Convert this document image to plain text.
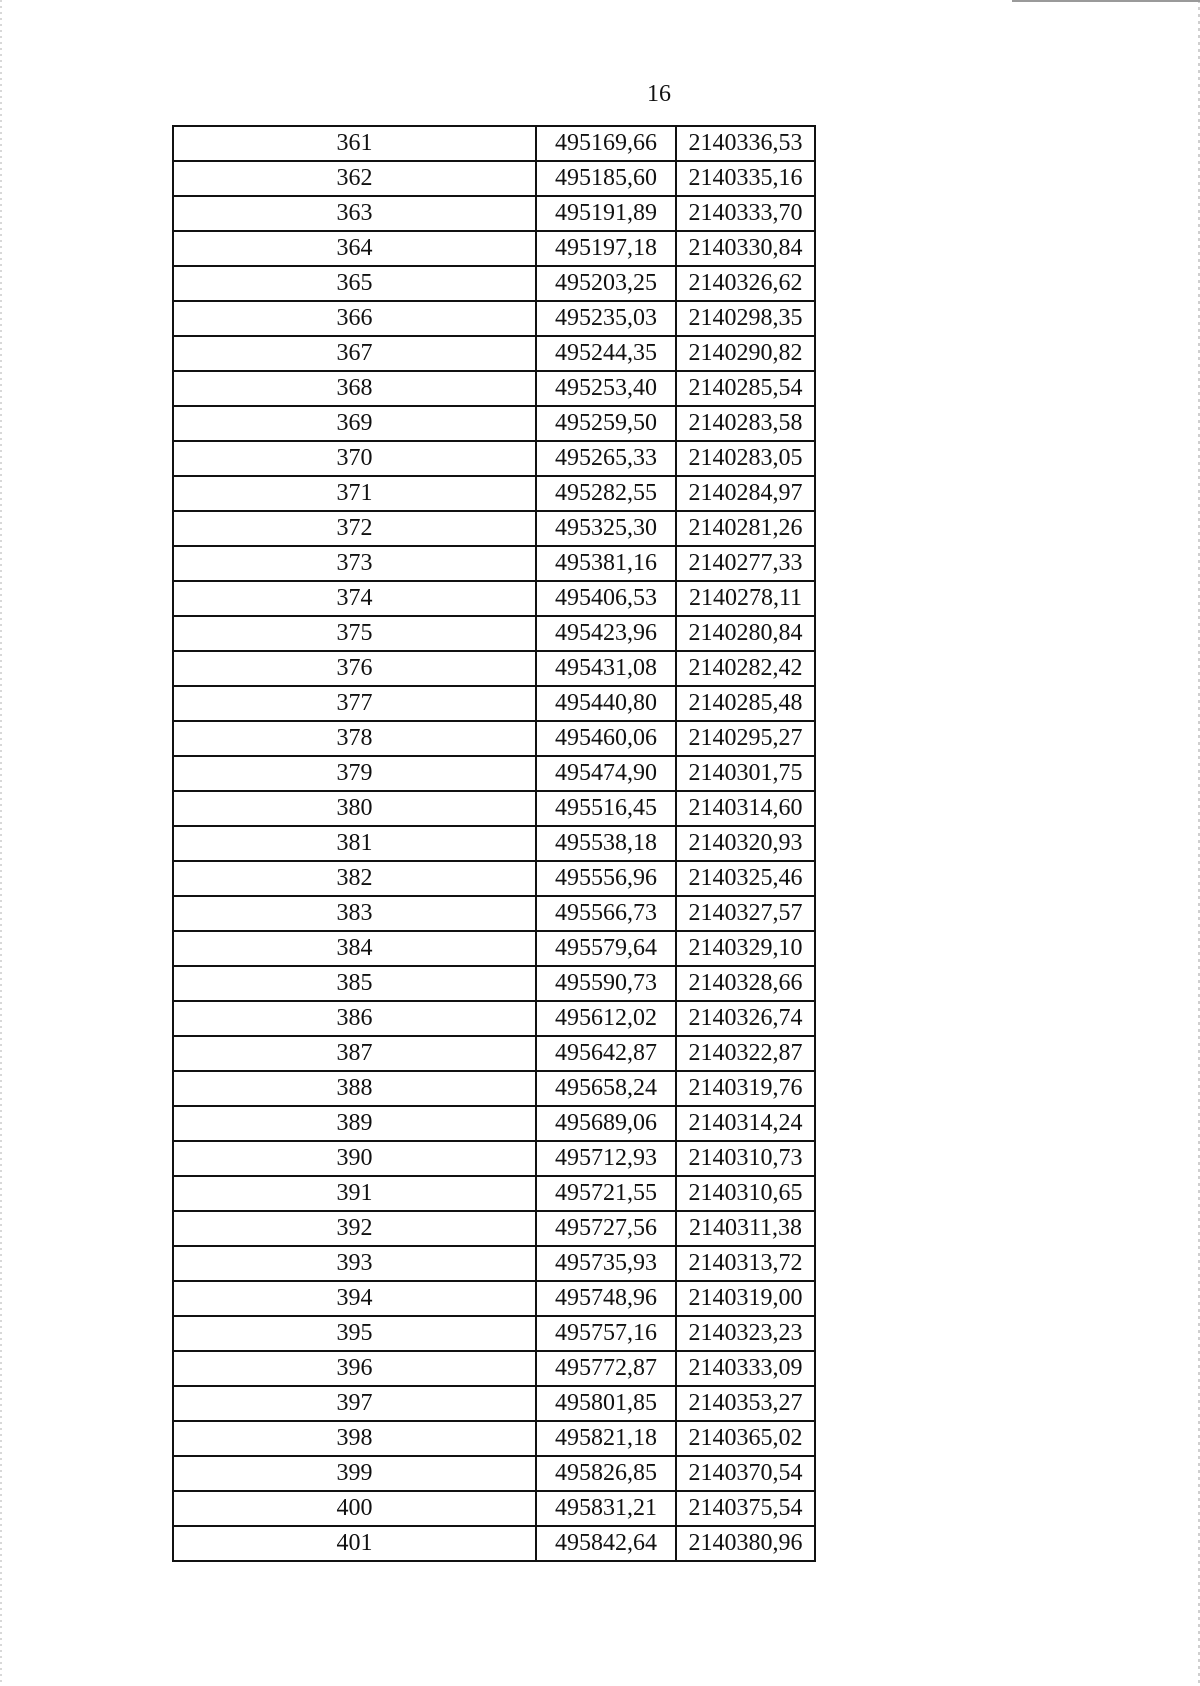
16
361	495169,66	2140336,53
362	495185,60	2140335,16
363	495191,89	2140333,70
364	495197,18	2140330,84
365	495203,25	2140326,62
366	495235,03	2140298,35
367	495244,35	2140290,82
368	495253,40	2140285,54
369	495259,50	2140283,58
370	495265,33	2140283,05
371	495282,55	2140284,97
372	495325,30	2140281,26
373	495381,16	2140277,33
374	495406,53	2140278,11
375	495423,96	2140280,84
376	495431,08	2140282,42
377	495440,80	2140285,48
378	495460,06	2140295,27
379	495474,90	2140301,75
380	495516,45	2140314,60
381	495538,18	2140320,93
382	495556,96	2140325,46
383	495566,73	2140327,57
384	495579,64	2140329,10
385	495590,73	2140328,66
386	495612,02	2140326,74
387	495642,87	2140322,87
388	495658,24	2140319,76
389	495689,06	2140314,24
390	495712,93	2140310,73
391	495721,55	2140310,65
392	495727,56	2140311,38
393	495735,93	2140313,72
394	495748,96	2140319,00
395	495757,16	2140323,23
396	495772,87	2140333,09
397	495801,85	2140353,27
398	495821,18	2140365,02
399	495826,85	2140370,54
400	495831,21	2140375,54
401	495842,64	2140380,96
